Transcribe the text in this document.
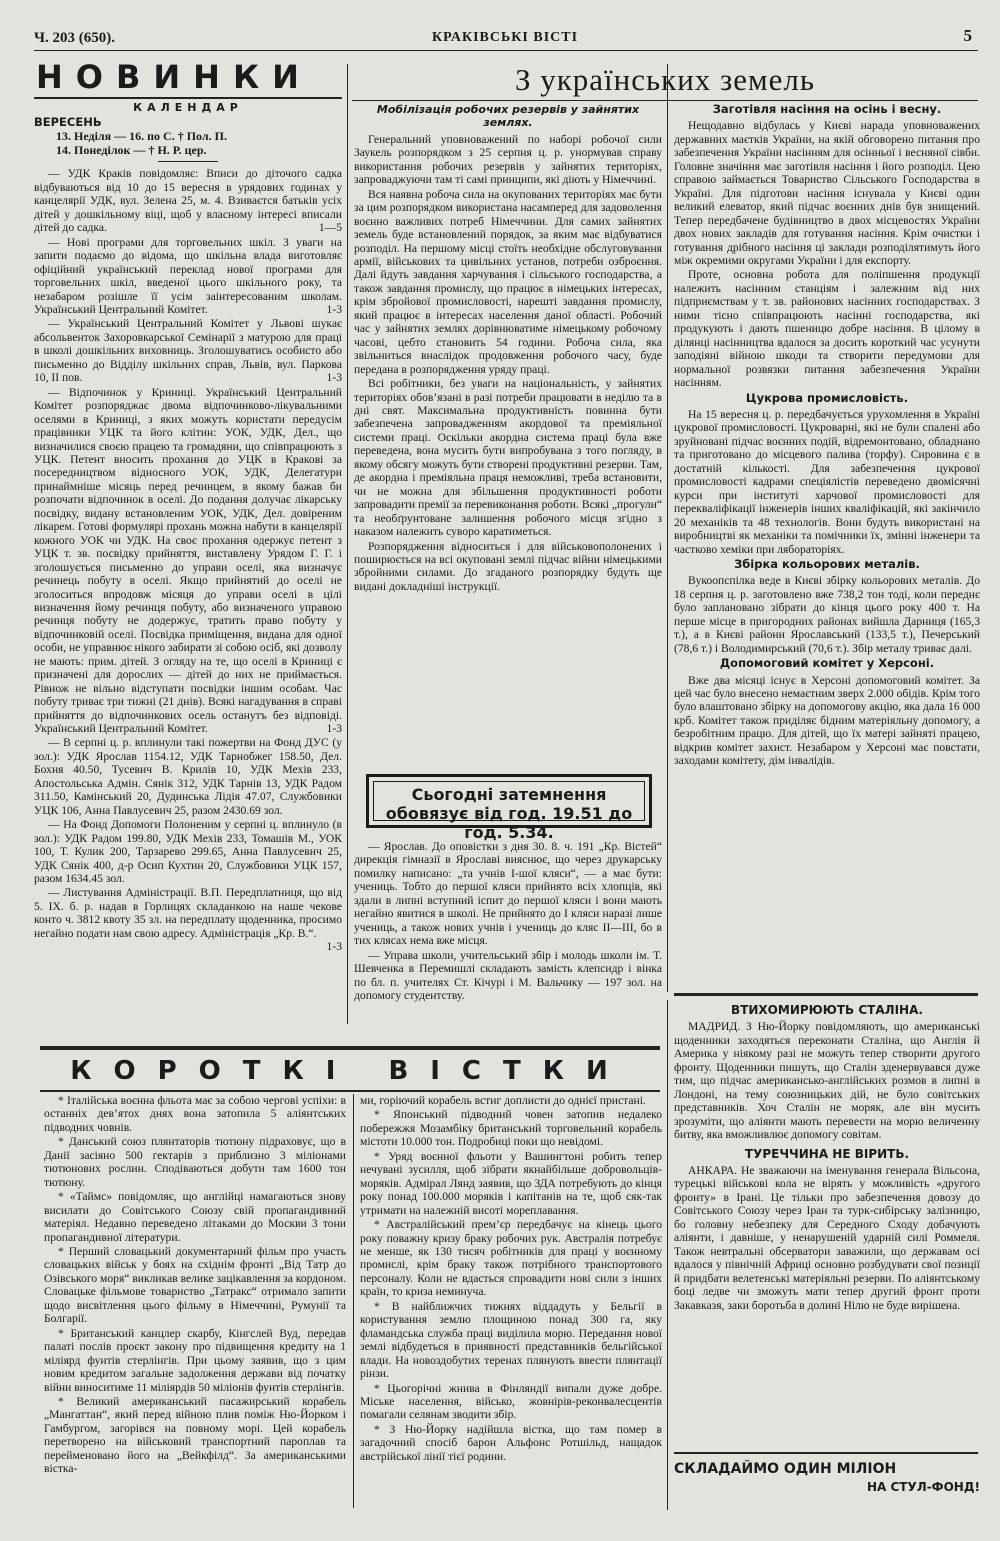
Ч. 203 (650).	КРАКІВСЬКІ ВІСТІ	5
НОВИНКИ
КАЛЕНДАР
ВЕРЕСЕНЬ
13. Неділя — 16. по С. † Пол. П.
14. Понеділок — † Н. Р. цер.

— УДК Краків повідомляє: Вписи до діточого садка відбуваються від 10 до 15 вересня в урядових годинах у канцелярії УДК, вул. Зелена 25, м. 4. Взиваєтся батьків усіх дітей у дошкільному віці, щоб у власному інтересі вписали дітей до садка.	1—5

— Нові програми для торговельних шкіл. З уваги на запити подаємо до відома, що шкільна влада виготовляє офіційний український переклад нової програми для торговельних шкіл, введеної цього шкільного року, та незабаром розішле її усім заінтересованим школам. Український Центральний Комітет.	1-3

— Український Центральний Комітет у Львові шукає абсольвенток Захоровкарської Семінарії з матурою для праці в школі дошкільних виховниць. Зголошуватись особисто або письменно до Відділу шкільних справ, Львів, вул. Паркова 10, ІІ пов.	1-3

— Відпочинок у Криниці. Український Центральний Комітет розпоряджає двома відпочинково-лікувальними оселями в Криниці, з яких можуть користати передусім працівники УЦК та його клітин: УОК, УДК, Дел., що визначилися своєю працею та громадяни, що співпрацюють з УЦК. Петент вносить прохання до УЦК в Кракові за посередництвом відносного УОК, УДК, Делегатури принаймніше місяць перед речинцем, в якому бажав би розпочати відпочинок в оселі. До подання долучає лікарську посвідку, видану встановленим УОК, УДК, Дел. довіреним лікарем. Готові формулярі прохань можна набути в канцелярії кожного УОК чи УДК. На своє прохання одержує петент з УЦК т. зв. посвідку прийняття, виставлену Урядом Г. Г. і зголошується письменно до управи оселі, яка визначує речинець побуту в оселі. Якщо прийнятий до оселі не зголоситься впродовж місяця до управи оселі в цілі визначення йому речинця побуту, або визначеного управою речинця побуту не додержує, тратить право побуту у відпочинковій оселі. Посвідка приміщення, видана для одної особи, не управнює нікого забирати зі собою осіб, які дозволу не мають: прим. дітей. З огляду на те, що оселі в Криниці є призначені для дорослих — дітей до них не приймається. Рівнож не вільно відступати посвідки іншим особам. Час побуту триває три тижні (21 днів). Всякі нагадування в справі прийняття до відпочинкових осель останутъ без відповіді. Український Центральний Комітет.	1-3

— В серпні ц. р. вплинули такі пожертви на Фонд ДУС (у зол.): УДК Ярослав 1154.12, УДК Тарнобжег 158.50, Дел. Бохня 40.50, Тусевич В. Крилів 10, УДК Мехів 233, Апостольська Адмін. Сянік 312, УДК Тарнів 13, УДК Радом 311.50, Камінський 20, Дудинська Лідія 47.07, Службовики УЦК 106, Анна Павлусевич 25, разом 2430.69 зол.

— На Фонд Допомоги Полоненим у серпні ц. вплинуло (в зол.): УДК Радом 199.80, УДК Мехів 233, Томашів М., УОК 100, Т. Кулик 200, Тарзарево 299.65, Анна Павлусевич 25, УДК Сянік 400, д-р Осип Кухтин 20, Службовики УЦК 157, разом 1634.45 зол.

— Листування Адміністрації. В.П. Передплатниця, що від 5. IX. б. р. надав в Горлицях складанкою на наше чекове конто ч. 3812 квоту 35 зл. на передплату щоденника, просимо негайно подати нам свою адресу. Адміністрація „Кр. В.“.
1-3

З українських земель
Мобілізація робочих резервів у зайнятих землях.

Генеральний уповноважений по наборі робочої сили Заукель розпорядком з 25 серпня ц. р. унормував справу використання робочих резервів у зайнятих територіях, запроваджуючи там ті самі принципи, які діють у Німеччині.

Вся наявна робоча сила на окупованих територіях має бути за цим розпорядком використана насамперед для задоволення воєнно важливих потреб Німеччини. Для самих зайнятих земель буде встановлений порядок, за яким має відбуватися розподіл. На першому місці стоїть необхідне обслуговування армії, військових та цивільних установ, потреби озброєння. Далі йдуть завдання харчування і сільського господарства, а також завдання промислу, що працює в німецьких інтересах, крім збройової промисловості, нарешті завдання промислу, який працює в інтересах населення даної області. Робочий час у зайнятих землях дорівнюватиме німецькому робочому часові, цебто становить 54 години. Робоча сила, яка звільниться внаслідок продовження робочого часу, буде передана в розпорядження уряду праці.

Всі робітники, без уваги на національність, у зайнятих територіях обов’язані в разі потреби працювати в неділю та в дні свят. Максимальна продуктивність повинна бути забезпечена запровадженням акордової та преміяльної системи праці. Оскільки акордна система праці була вже переведена, вона мусить бути випробувана з того погляду, в якому обсягу можуть бути створені продуктивні резерви. Там, де акордна і преміяльна праця неможливі, треба встановити, чи не можна для збільшення продуктивності роботи запровадити премії за перевиконання роботи. Всякі „прогули“ та необґрунтоване залишення робочого місця згідно з наказом належить суворо каратиметься.

Розпорядження відноситься і для військовополонених і поширюється на всі окуповані землі підчас війни німецькими збройними силами. До згаданого розпорядку будуть ще видані докладніші інструкції.

Сьогодні затемнення обовязує від год. 19.51 до год. 5.34.

— Ярослав. До оповістки з дня 30. 8. ч. 191 „Кр. Вістей“ дирекція гімназії в Ярославі вияснює, що через друкарську помилку написано: „та учнів І-шої кляси“, — а має бути: учениць. Тобто до першої кляси прийнято всіх хлопців, які здали в липні вступний іспит до першої кляси і вони мають негайно явитися в школі. Не прийнято до І кляси наразі лише учениць, а також нових учнів і учениць до кляс ІІ—ІІІ, бо в тих клясах нема вже місця.

— Управа школи, учительський збір і молодь школи ім. Т. Шевченка в Перемишлі складають замість клепсидр і вінка по бл. п. учителях Ст. Кічурі і М. Вальчику — 197 зол. на допомогу студентству.

Заготівля насіння на осінь і весну.

Нещодавно відбулась у Києві нарада уповноважених державних маєтків України, на якій обговорено питання про забезпечення України насінням для осінньої і весняної сівби. Головне значіння має заготівля насіння і його розподіл. Цею справою займається Товариство Сільського Господарства в Україні. Для підготови насіння існувала у Києві один великий елеватор, який підчас воєнних днів був знищений. Тепер передбачене будівництво в двох місцевостях України двох нових закладів для готування насіння. Крім очистки і готування дрібного насіння ці заклади розподілятимуть його між окремими округами України і для експорту.

Проте, основна робота для поліпшення продукції належить насінним станціям і залежним від них підприємствам у т. зв. районових насінних господарствах. З ними тісно співпрацюють насінні господарства, які продукують і дають пшеницю добре насіння. В цілому в ділянці насінництва вдалося за досить короткий час усунути заподіяні війною шкоди та створити передумови для нормальної розвязки питання забезпечення України насінням.

Цукрова промисловість.

На 15 вересня ц. р. передбачується урухомлення в Україні цукрової промисловості. Цукроварні, які не були спалені або зруйновані підчас воєнних подій, відремонтовано, обладнано та приготовано до місцевого палива (торфу). Сировина є в достатній кількості. Для забезпечення цукрової промисловості кадрами спеціялістів переведено двомісячні курси при інституті харчової промисловості для перекваліфікації інженерів інших кваліфікацій, які закінчило 20 механіків та 48 технологів. Вони будуть використані на виробництві як механіки та помічники їх, змінні інженери та частково хеміки при лябораторіях.

Збірка кольорових металів.

Вукоопспілка веде в Києві збірку кольорових металів. До 18 серпня ц. р. заготовлено вже 738,2 тон тоді, коли переднє було заплановано зібрати до кінця цього року 400 т. На перше місце в пригородних районах вийшла Дарниця (165,3 т.), а в Києві райони Ярославський (133,5 т.), Печерський (78,6 т.) і Володимирський (70,6 т.). Збір металу триває далі.

Допомоговий комітет у Херсоні.

Вже два місяці існує в Херсоні допомоговий комітет. За цей час було внесено немаєтним зверх 2.000 обідів. Крім того було влаштовано збірку на допомогову акцію, яка дала 16 000 крб. Комітет також приділяє бідним матеріяльну допомогу, а безробітним працю. Для дітей, що їх матері зайняті працею, відкрив комітет захист. Незабаром у Херсоні має повстати, заходами комітету, дім інвалідів.

ВТИХОМИРЮЮТЬ СТАЛІНА.

МАДРИД. З Ню-Йорку повідомляють, що американські щоденники заходяться переконати Сталіна, що Англія й Америка у ніякому разі не можуть тепер створити другого фронту. Щоденники пишуть, що Сталін зденервувався дуже тим, що підчас американсько-англійських розмов в липні в Лондоні, на тему союзницьких дій, не було совітських представників. Хоч Сталін не моряк, але він мусить зрозуміти, що аліянти мають перевести на морю величенну битву, яка вможливлює допомогу совітам.

ТУРЕЧЧИНА НЕ ВІРИТЬ.

АНКАРА. Не зважаючи на іменування генерала Вільсона, турецькі військові кола не вірять у можливість «другого фронту» в Ірані. Це тільки про забезпечення довозу до Совітського Союзу через Іран та турк-сибірську залізницю, бо головну небезпеку для Середного Сходу добачують аліянти, і давніше, у ненарушеній ударній силі Роммеля. Також невтральні обсерватори заважили, що державам осі вдалося у північній Африці основно розбудувати свої позиції й придбати велетенські матеріяльні резерви. По аліянтському боці ледве чи зможуть мати тепер другий фронт проти Закавказя, заки боротьба в долині Нілю не буде вирішена.

СКЛАДАЙМО ОДИН МІЛІОН
НА СТУЛ-ФОНД!
КОРОТКІ ВІСТКИ

* Італійська воєнна фльота має за собою чергові успіхи: в останніх дев’ятох днях вона затопила 5 аліянтських підводних човнів.

* Данський союз плянтаторів тютюну підраховує, що в Данії засіяно 500 гектарів з приблизно 3 міліонами тютюнових рослин. Сподіваються добути там 1600 тон тютюну.

* «Таймс» повідомляє, що англійці намагаються знову висилати до Совітського Союзу свій пропагандивний матеріял. Недавно переведено літаками до Москви 3 тони пропагандивної літератури.

* Перший словацький документарний фільм про участь словацьких військ у боях на східнім фронті „Від Татр до Озівського моря“ викликав велике зацікавлення за кордоном. Словацьке фільмове товариство „Татракс“ отримало запити щодо висвітлення цього фільму в Німеччині, Румунії та Болгарії.

* Британський канцлер скарбу, Кінгслей Вуд, передав палаті послів проєкт закону про підвищення кредиту на 1 міліярд фунтів стерлінгів. При цьому заявив, що з цим новим кредитом загальне задолження держави від початку війни виноситиме 11 міліярдів 50 міліонів фунтів стерлінгів.

* Великий американський пасажирський корабель „Мангаттан“, який перед війною плив поміж Ню-Йорком і Гамбургом, загорівся на повному морі. Цей корабель перетворено на військовий транспортний пароплав та перейменовано його на „Вейкфілд“. За американськими вістка-

ми, горіючий корабель встиг доплисти до однієї пристані.

* Японський підводний човен затопив недалеко побережжя Мозамбіку британський торговельний корабель містоти 10.000 тон. Подробиці поки що невідомі.

* Уряд воєнної фльоти у Вашингтоні робить тепер нечувані зусилля, щоб зібрати якнайбільше добровольців-моряків. Адмірал Лянд заявив, що ЗДА потребують до кінця року понад 100.000 моряків і капітанів на те, щоб сяк-так утримати на належній висоті мореплавання.

* Австралійський прем’єр передбачує на кінець цього року поважну кризу браку робочих рук. Австралія потребує не менше, як 130 тисяч робітників для праці у воєнному промислі, крім браку також потрібного транспортового персоналу. Коли не вдасться спровадити нові сили з інших країн, то криза неминуча.

* В найближчих тижнях віддадуть у Бельгії в користування землю площиною понад 300 га, яку фламандська служба праці виділила морю. Передання нової землі відбудеться в приявності представників бельгійської влади. На новоздобутих теренах плянують ввести плянтації рінзи.

* Цьогорічні жнива в Фінляндії випали дуже добре. Міське населення, військо, жовнірів-реконвалесцентів помагали селянам зводити збір.

* З Ню-Йорку надійшла вістка, що там помер в загадочний спосіб барон Альфонс Ротшільд, нащадок австрійської лінії тієї родини.
